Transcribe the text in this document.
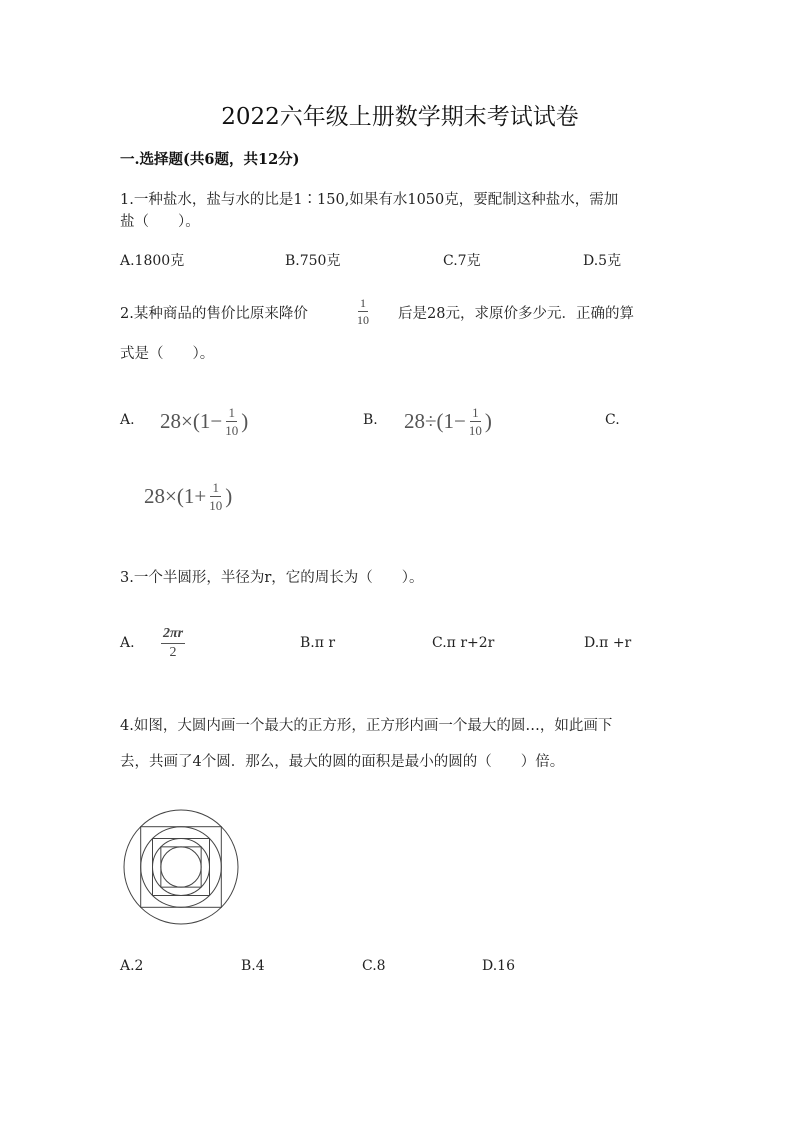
2022六年级上册数学期末考试试卷
一.选择题(共6题，共12分)
1.一种盐水，盐与水的比是1∶150,如果有水1050克，要配制这种盐水，需加
盐（　　）。
A.1800克	B.750克	C.7克	D.5克
2.某种商品的售价比原来降价	$\frac{1}{10}$ 后是28元，求原价多少元．正确的算
式是（　　）。
A. $28\times(1- \frac{1}{10}$ )	B. $28\div(1- \frac{1}{10}$ )	C.
$28\times(1+ \frac{1}{10}$ )
3.一个半圆形，半径为r，它的周长为（　　）。
A. $\frac{2\pi r}{2}$	B.π r	C.π r+2r	D.π +r
4.如图，大圆内画一个最大的正方形，正方形内画一个最大的圆…，如此画下
去，共画了4个圆．那么，最大的圆的面积是最小的圆的（　　）倍。
A.2	B.4	C.8	D.16
